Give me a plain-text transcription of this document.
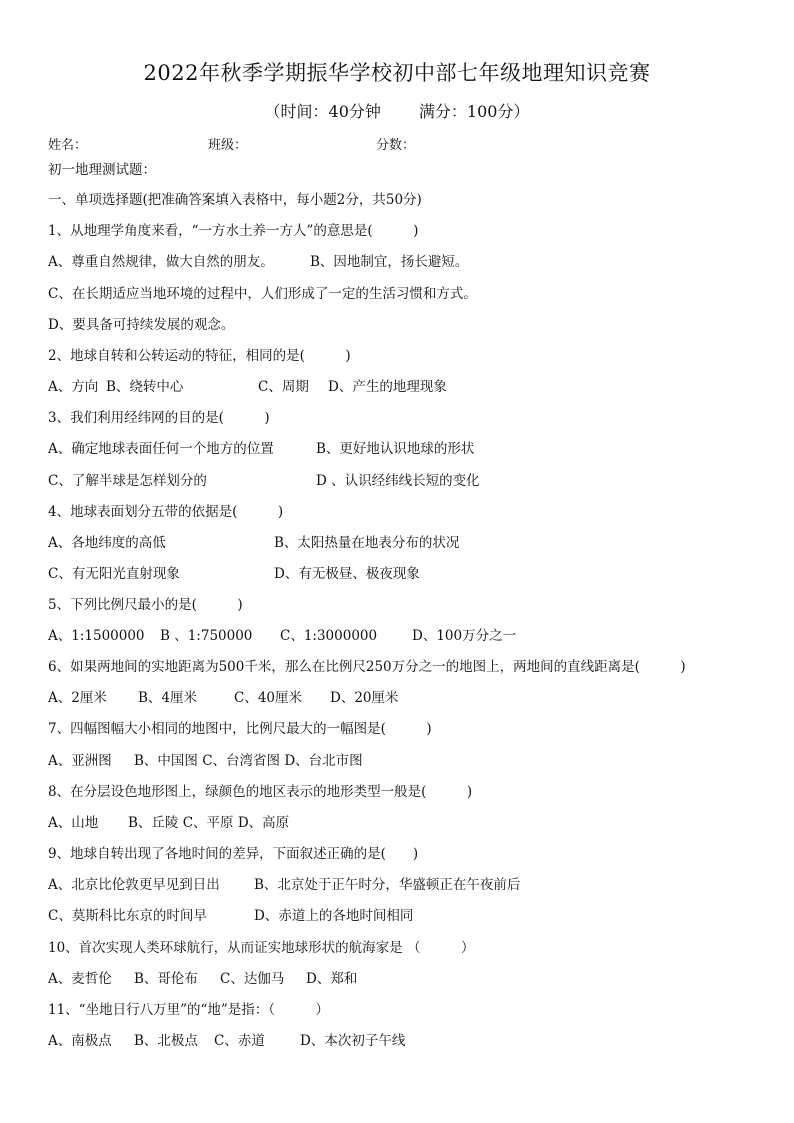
2022年秋季学期振华学校初中部七年级地理知识竞赛
（时间：40分钟 满分：100分）
姓名：	班级：	分数：
初一地理测试题：
一、单项选择题(把准确答案填入表格中，每小题2分，共50分)
1、从地理学角度来看，“一方水土养一方人”的意思是(　　　)
A、尊重自然规律，做大自然的朋友。	B、因地制宜，扬长避短。
C、在长期适应当地环境的过程中，人们形成了一定的生活习惯和方式。
D、要具备可持续发展的观念。
2、地球自转和公转运动的特征，相同的是(　　　)
A、方向 B、绕转中心	C、周期 D、产生的地理现象
3、我们利用经纬网的目的是(　　　)
A、确定地球表面任何一个地方的位置	B、更好地认识地球的形状
C、了解半球是怎样划分的	D 、认识经纬线长短的变化
4、地球表面划分五带的依据是(　　　)
A、各地纬度的高低	B、太阳热量在地表分布的状况
C、有无阳光直射现象	D、有无极昼、极夜现象
5、下列比例尺最小的是(　　　)
A、1:1500000 B 、1:750000 C、1:3000000	D、100万分之一
6、如果两地间的实地距离为500千米，那么在比例尺250万分之一的地图上，两地间的直线距离是(　　　)
A、2厘米 B、4厘米	C、40厘米 D、20厘米
7、四幅图幅大小相同的地图中，比例尺最大的一幅图是(　　　)
A、亚洲图 B、中国图 C、台湾省图 D、台北市图
8、在分层设色地形图上，绿颜色的地区表示的地形类型一般是(　　　)
A、山地 B、丘陵 C、平原 D、高原
9、地球自转出现了各地时间的差异，下面叙述正确的是(　　)
A、北京比伦敦更早见到日出	B、北京处于正午时分，华盛顿正在午夜前后
C、莫斯科比东京的时间早	D、赤道上的各地时间相同
10、首次实现人类环球航行，从而证实地球形状的航海家是 （　　　）
A、麦哲伦 B、哥伦布 C、达伽马 D、郑和
11、“坐地日行八万里”的“地”是指：（　　　）
A、南极点 B、北极点 C、赤道	D、本次初子午线
